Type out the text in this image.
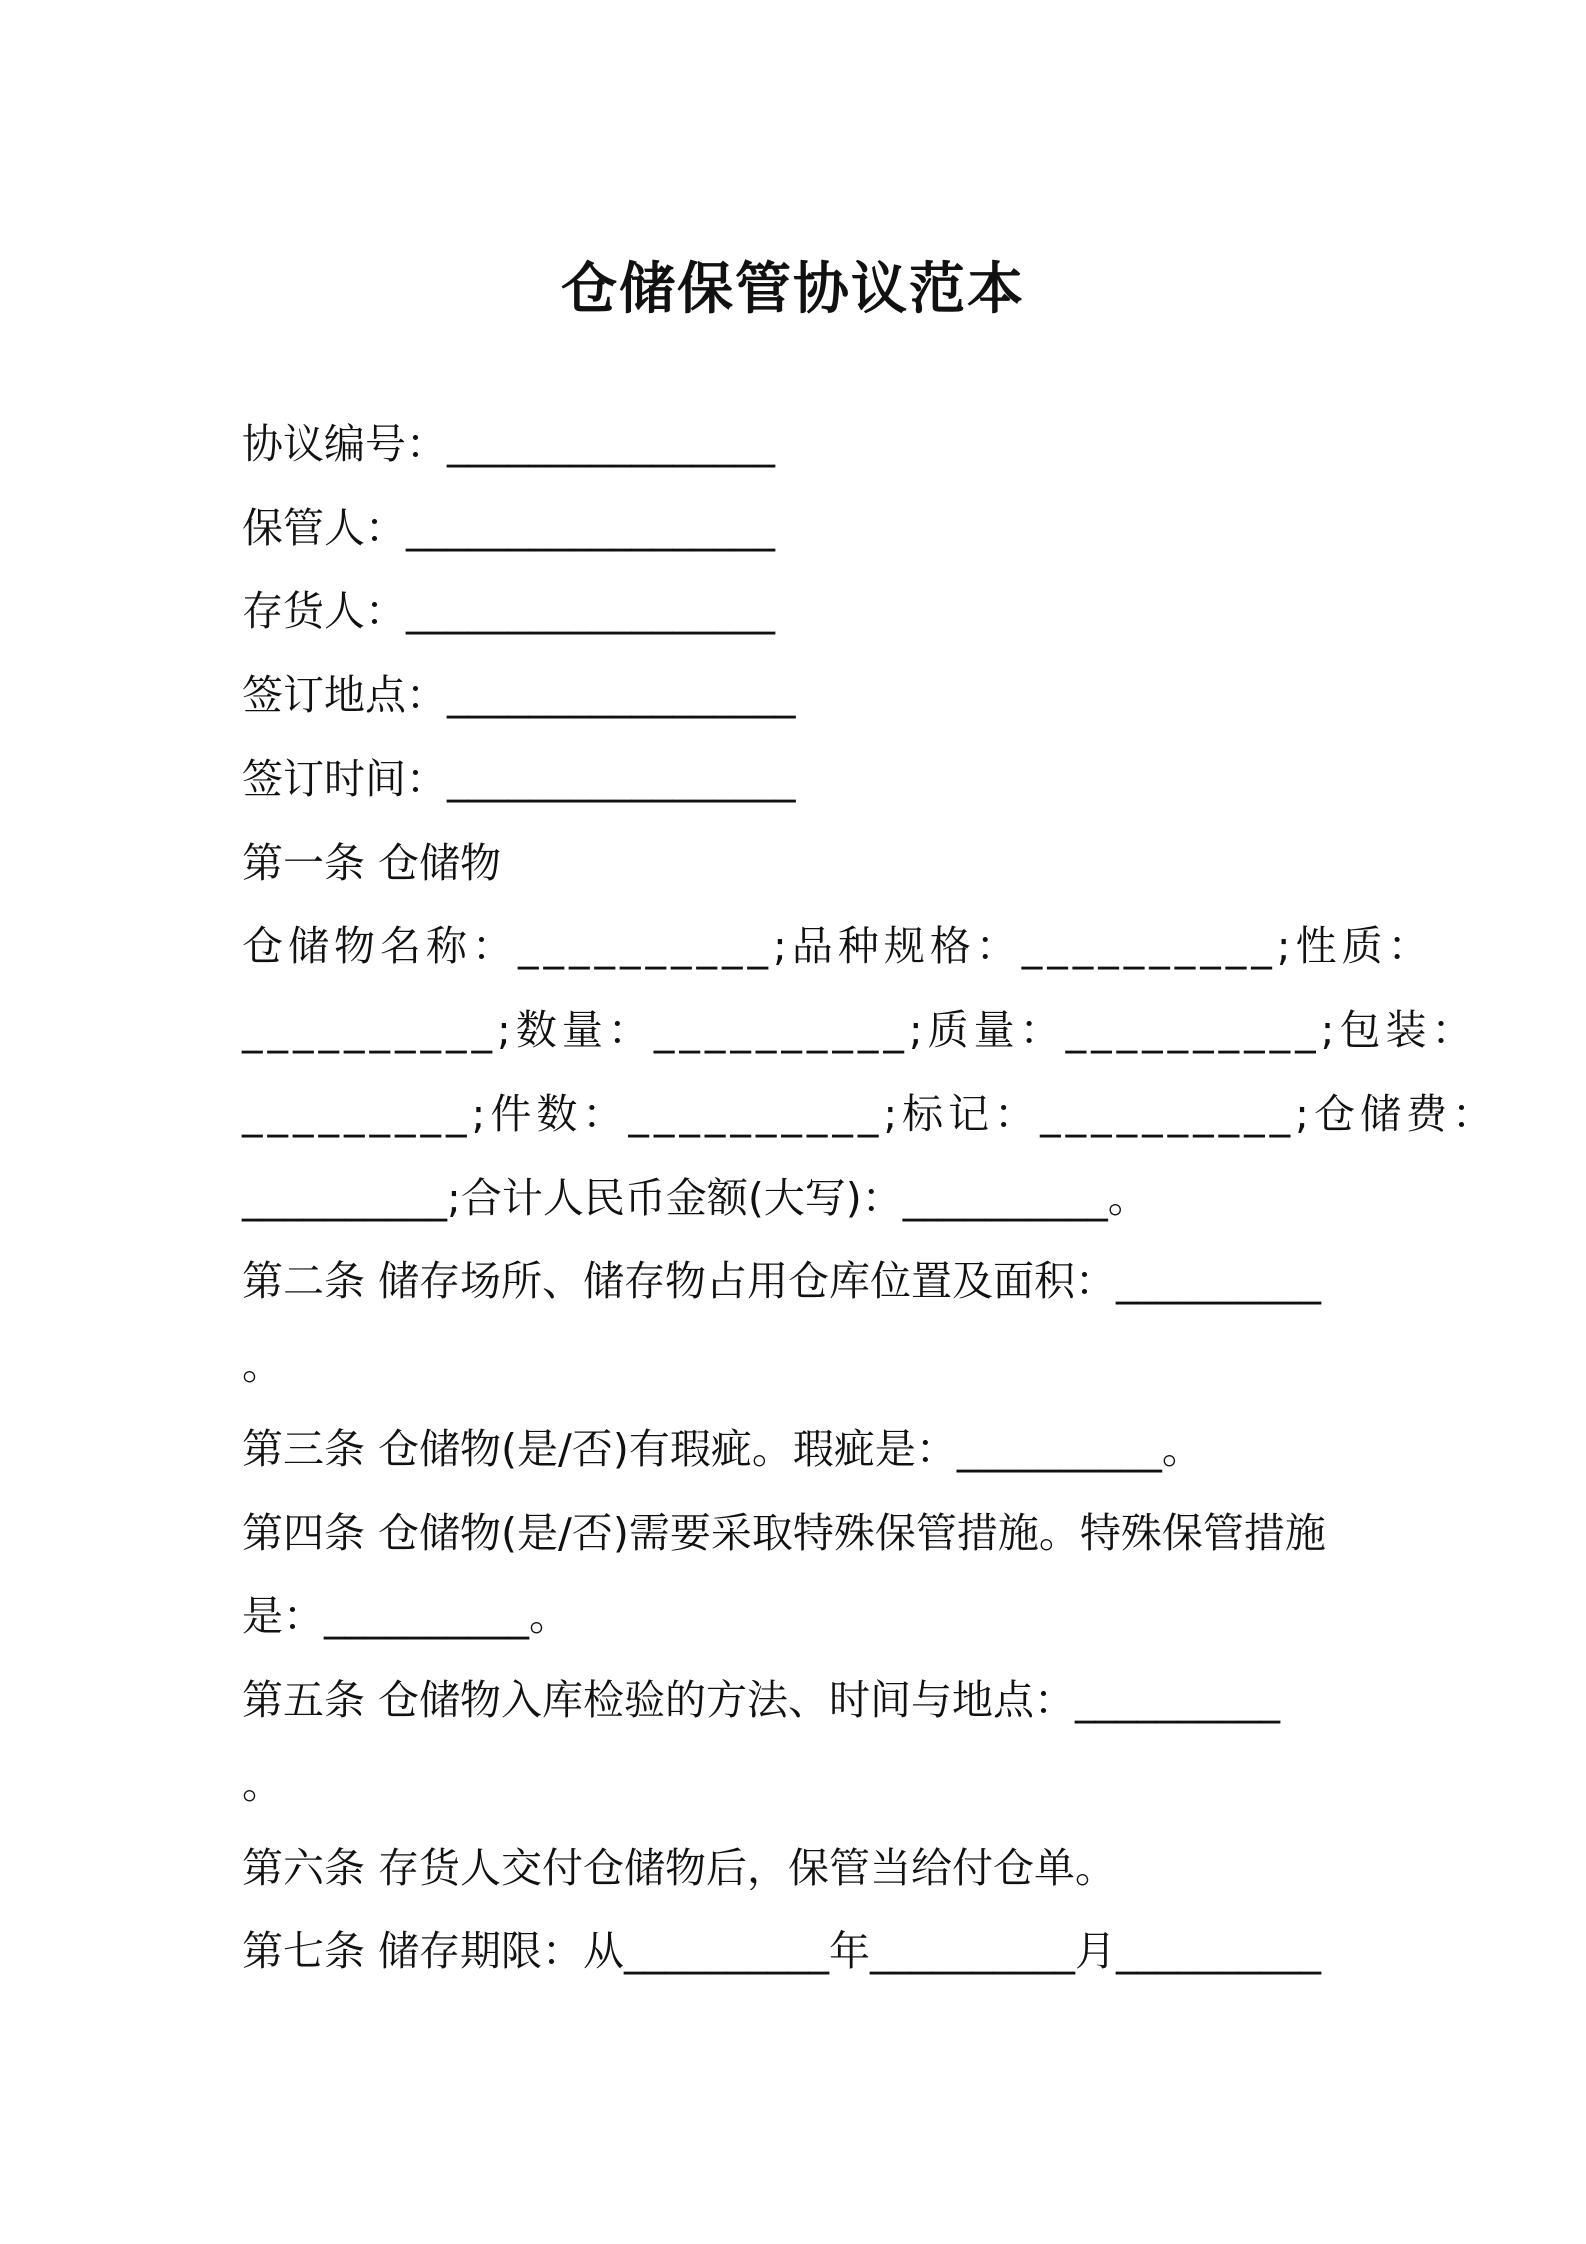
仓储保管协议范本
协议编号：________________
保管人：__________________
存货人：__________________
签订地点：_________________
签订时间：_________________
第一条 仓储物
仓储物名称：__________;品种规格：__________;性质：
__________;数量：__________;质量：__________;包装：
_________;件数：__________;标记：__________;仓储费：
__________;合计人民币金额(大写)：__________。
第二条 储存场所、储存物占用仓库位置及面积：__________
。
第三条 仓储物(是/否)有瑕疵。瑕疵是：__________。
第四条 仓储物(是/否)需要采取特殊保管措施。特殊保管措施
是：__________。
第五条 仓储物入库检验的方法、时间与地点：__________
。
第六条 存货人交付仓储物后，保管当给付仓单。
第七条 储存期限：从__________年__________月__________
